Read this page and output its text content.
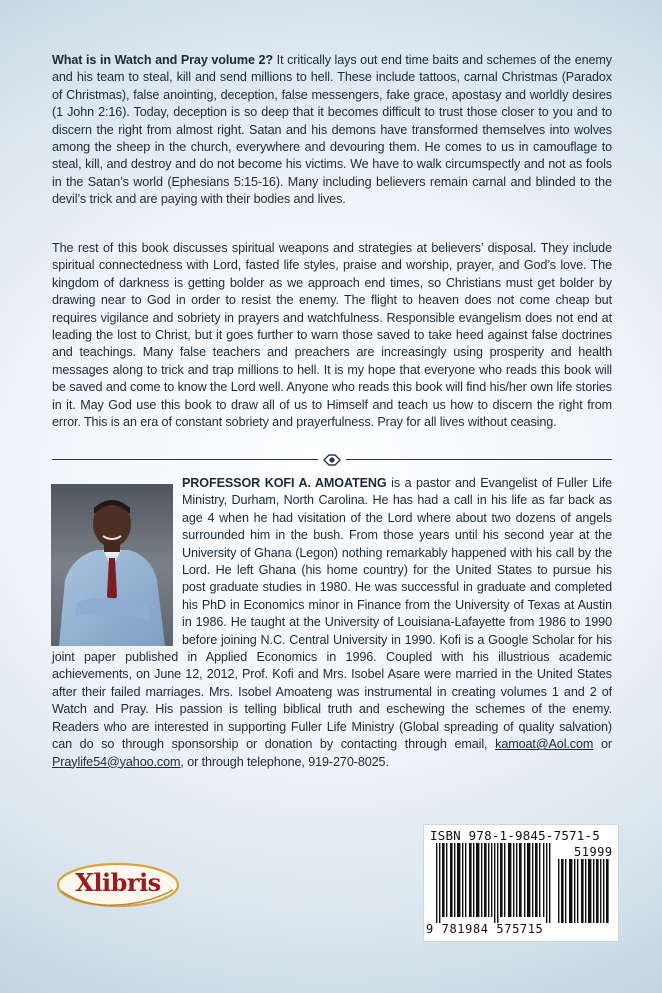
What is in Watch and Pray volume 2? It critically lays out end time baits and schemes of the enemy and his team to steal, kill and send millions to hell. These include tattoos, carnal Christmas (Paradox of Christmas), false anointing, deception, false messengers, fake grace, apostasy and worldly desires (1 John 2:16). Today, deception is so deep that it becomes difficult to trust those closer to you and to discern the right from almost right. Satan and his demons have transformed themselves into wolves among the sheep in the church, everywhere and devouring them. He comes to us in camouflage to steal, kill, and destroy and do not become his victims. We have to walk circumspectly and not as fools in the Satan’s world (Ephesians 5:15-16). Many including believers remain carnal and blinded to the devil’s trick and are paying with their bodies and lives.

The rest of this book discusses spiritual weapons and strategies at believers’ disposal. They include spiritual connectedness with Lord, fasted life styles, praise and worship, prayer, and God’s love. The kingdom of darkness is getting bolder as we approach end times, so Christians must get bolder by drawing near to God in order to resist the enemy. The flight to heaven does not come cheap but requires vigilance and sobriety in prayers and watchfulness. Responsible evangelism does not end at leading the lost to Christ, but it goes further to warn those saved to take heed against false doctrines and teachings. Many false teachers and preachers are increasingly using prosperity and health messages along to trick and trap millions to hell. It is my hope that everyone who reads this book will be saved and come to know the Lord well. Anyone who reads this book will find his/her own life stories in it. May God use this book to draw all of us to Himself and teach us how to discern the right from error. This is an era of constant sobriety and prayerfulness. Pray for all lives without ceasing.

PROFESSOR KOFI A. AMOATENG is a pastor and Evangelist of Fuller Life Ministry, Durham, North Carolina. He has had a call in his life as far back as age 4 when he had visitation of the Lord where about two dozens of angels surrounded him in the bush. From those years until his second year at the University of Ghana (Legon) nothing remarkably happened with his call by the Lord. He left Ghana (his home country) for the United States to pursue his post graduate studies in 1980. He was successful in graduate and completed his PhD in Economics minor in Finance from the University of Texas at Austin in 1986. He taught at the University of Louisiana-Lafayette from 1986 to 1990 before joining N.C. Central University in 1990. Kofi is a Google Scholar for his joint paper published in Applied Economics in 1996. Coupled with his illustrious academic achievements, on June 12, 2012, Prof. Kofi and Mrs. Isobel Asare were married in the United States after their failed marriages. Mrs. Isobel Amoateng was instrumental in creating volumes 1 and 2 of Watch and Pray. His passion is telling biblical truth and eschewing the schemes of the enemy. Readers who are interested in supporting Fuller Life Ministry (Global spreading of quality salvation) can do so through sponsorship or donation by contacting through email, kamoat@Aol.com or Praylife54@yahoo.com, or through telephone, 919-270-8025.

Xlibris
ISBN 978-1-9845-7571-5
51999
9 781984 575715
